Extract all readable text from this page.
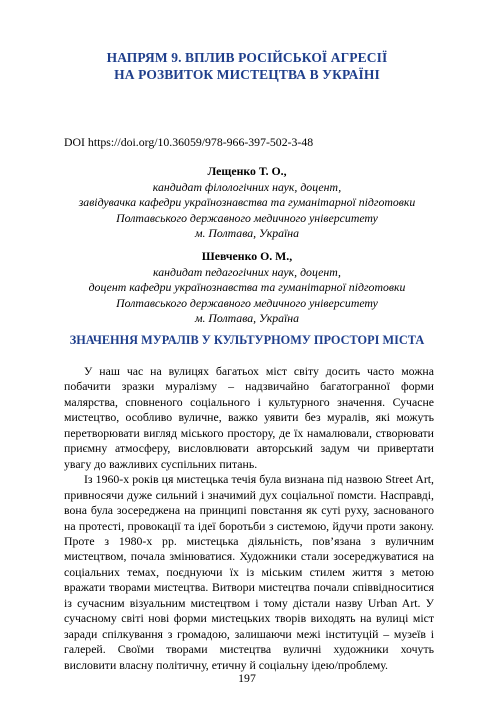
НАПРЯМ 9. ВПЛИВ РОСІЙСЬКОЇ АГРЕСІЇ
НА РОЗВИТОК МИСТЕЦТВА В УКРАЇНІ
DOI https://doi.org/10.36059/978-966-397-502-3-48
Лещенко Т. О.,
кандидат філологічних наук, доцент,
завідувачка кафедри українознавства та гуманітарної підготовки
Полтавського державного медичного університету
м. Полтава, Україна
Шевченко О. М.,
кандидат педагогічних наук, доцент,
доцент кафедри українознавства та гуманітарної підготовки
Полтавського державного медичного університету
м. Полтава, Україна
ЗНАЧЕННЯ МУРАЛІВ У КУЛЬТУРНОМУ ПРОСТОРІ МІСТА

У наш час на вулицях багатьох міст світу досить часто можна побачити зразки муралізму – надзвичайно багатогранної форми малярства, сповненого соціального і культурного значення. Сучасне мистецтво, особливо вуличне, важко уявити без муралів, які можуть перетворювати вигляд міського простору, де їх намалювали, створювати приємну атмосферу, висловлювати авторський задум чи привертати увагу до важливих суспільних питань.

Із 1960-х років ця мистецька течія була визнана під назвою Street Art, привносячи дуже сильний і значимий дух соціальної помсти. Насправді, вона була зосереджена на принципі повстання як суті руху, заснованого на протесті, провокації та ідеї боротьби з системою, йдучи проти закону. Проте з 1980-х рр. мистецька діяльність, пов’язана з вуличним мистецтвом, почала змінюватися. Художники стали зосереджуватися на соціальних темах, поєднуючи їх із міським стилем життя з метою вражати творами мистецтва. Витвори мистецтва почали співвідноситися із сучасним візуальним мистецтвом і тому дістали назву Urban Art. У сучасному світі нові форми мистецьких творів виходять на вулиці міст заради спілкування з громадою, залишаючи межі інституцій – музеїв і галерей. Своїми творами мистецтва вуличні художники хочуть висловити власну політичну, етичну й соціальну ідею/проблему.

197
